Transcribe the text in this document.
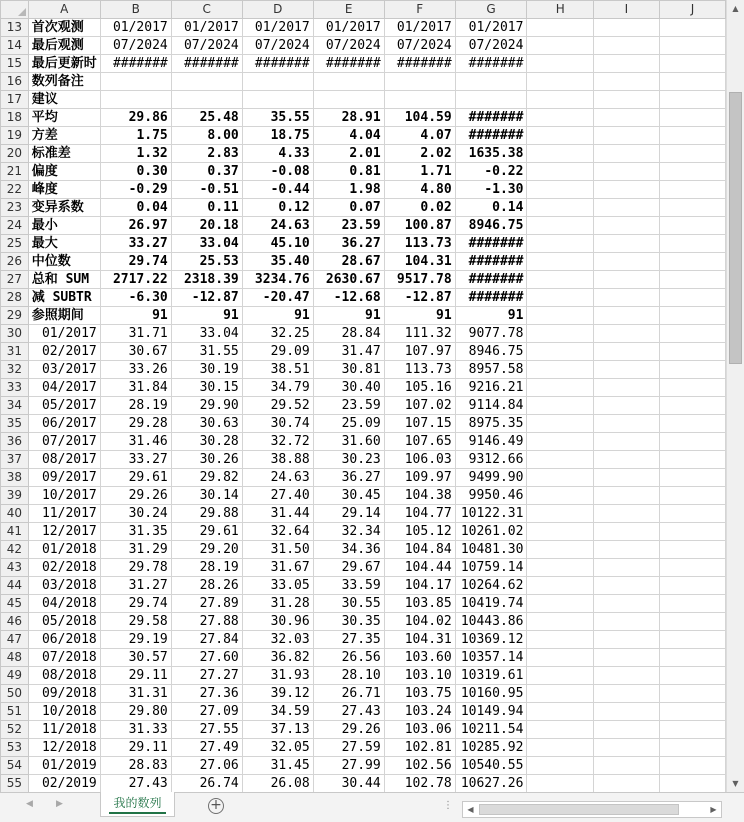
	A	B	C	D	E	F	G	H	I	J
13	首次观测	01/2017	01/2017	01/2017	01/2017	01/2017	01/2017			
14	最后观测	07/2024	07/2024	07/2024	07/2024	07/2024	07/2024			
15	最后更新时	#######	#######	#######	#######	#######	#######			
16	数列备注									
17	建议									
18	平均	29.86	25.48	35.55	28.91	104.59	#######			
19	方差	1.75	8.00	18.75	4.04	4.07	#######			
20	标准差	1.32	2.83	4.33	2.01	2.02	1635.38			
21	偏度	0.30	0.37	-0.08	0.81	1.71	-0.22			
22	峰度	-0.29	-0.51	-0.44	1.98	4.80	-1.30			
23	变异系数	0.04	0.11	0.12	0.07	0.02	0.14			
24	最小	26.97	20.18	24.63	23.59	100.87	8946.75			
25	最大	33.27	33.04	45.10	36.27	113.73	#######			
26	中位数	29.74	25.53	35.40	28.67	104.31	#######			
27	总和 SUM	2717.22	2318.39	3234.76	2630.67	9517.78	#######			
28	减 SUBTR	-6.30	-12.87	-20.47	-12.68	-12.87	#######			
29	参照期间	91	91	91	91	91	91			
30	01/2017	31.71	33.04	32.25	28.84	111.32	9077.78			
31	02/2017	30.67	31.55	29.09	31.47	107.97	8946.75			
32	03/2017	33.26	30.19	38.51	30.81	113.73	8957.58			
33	04/2017	31.84	30.15	34.79	30.40	105.16	9216.21			
34	05/2017	28.19	29.90	29.52	23.59	107.02	9114.84			
35	06/2017	29.28	30.63	30.74	25.09	107.15	8975.35			
36	07/2017	31.46	30.28	32.72	31.60	107.65	9146.49			
37	08/2017	33.27	30.26	38.88	30.23	106.03	9312.66			
38	09/2017	29.61	29.82	24.63	36.27	109.97	9499.90			
39	10/2017	29.26	30.14	27.40	30.45	104.38	9950.46			
40	11/2017	30.24	29.88	31.44	29.14	104.77	10122.31			
41	12/2017	31.35	29.61	32.64	32.34	105.12	10261.02			
42	01/2018	31.29	29.20	31.50	34.36	104.84	10481.30			
43	02/2018	29.78	28.19	31.67	29.67	104.44	10759.14			
44	03/2018	31.27	28.26	33.05	33.59	104.17	10264.62			
45	04/2018	29.74	27.89	31.28	30.55	103.85	10419.74			
46	05/2018	29.58	27.88	30.96	30.35	104.02	10443.86			
47	06/2018	29.19	27.84	32.03	27.35	104.31	10369.12			
48	07/2018	30.57	27.60	36.82	26.56	103.60	10357.14			
49	08/2018	29.11	27.27	31.93	28.10	103.10	10319.61			
50	09/2018	31.31	27.36	39.12	26.71	103.75	10160.95			
51	10/2018	29.80	27.09	34.59	27.43	103.24	10149.94			
52	11/2018	31.33	27.55	37.13	29.26	103.06	10211.54			
53	12/2018	29.11	27.49	32.05	27.59	102.81	10285.92			
54	01/2019	28.83	27.06	31.45	27.99	102.56	10540.55			
55	02/2019	27.43	26.74	26.08	30.44	102.78	10627.26			
▲
▼
◀	▶	我的数列	+	⋮	◀	▶
